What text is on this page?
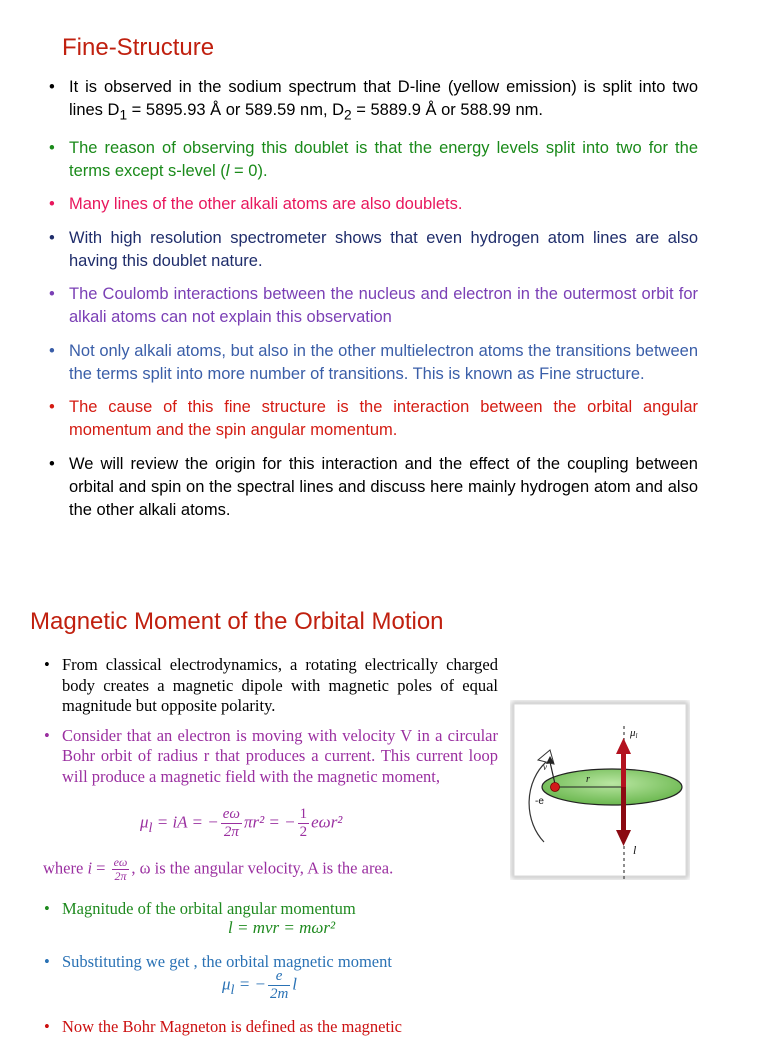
Fine-Structure
• It is observed in the sodium spectrum that D-line (yellow emission) is split into two lines $D_1 = 5895.93$ Å or 589.59 nm, $D_2 = 5889.9$ Å or 588.99 nm.
• The reason of observing this doublet is that the energy levels split into two for the terms except s-level (l = 0).
• Many lines of the other alkali atoms are also doublets.
• With high resolution spectrometer shows that even hydrogen atom lines are also having this doublet nature.
• The Coulomb interactions between the nucleus and electron in the outermost orbit for alkali atoms can not explain this observation
• Not only alkali atoms, but also in the other multielectron atoms the transitions between the terms split into more number of transitions. This is known as Fine structure.
• The cause of this fine structure is the interaction between the orbital angular momentum and the spin angular momentum.
• We will review the origin for this interaction and the effect of the coupling between orbital and spin on the spectral lines and discuss here mainly hydrogen atom and also the other alkali atoms.
Magnetic Moment of the Orbital Motion
• From classical electrodynamics, a rotating electrically charged body creates a magnetic dipole with magnetic poles of equal magnitude but opposite polarity.
• Consider that an electron is moving with velocity V in a circular Bohr orbit of radius r that produces a current. This current loop will produce a magnetic field with the magnetic moment,
$\mu_l$ = iA = − $\frac{e\omega}{2\pi} \pi r^2$ = − $\frac{1}{2} e\omega r^2$
where $i = \frac{e\omega}{2\pi}$ , ω is the angular velocity, A is the area.
• Magnitude of the orbital angular momentum
l = mvr = mωr²
• Substituting we get , the orbital magnetic moment
$\mu_l$ = − $\frac{e}{2m}$ l
• Now the Bohr Magneton is defined as the magnetic
μl
r
v
-e
l
